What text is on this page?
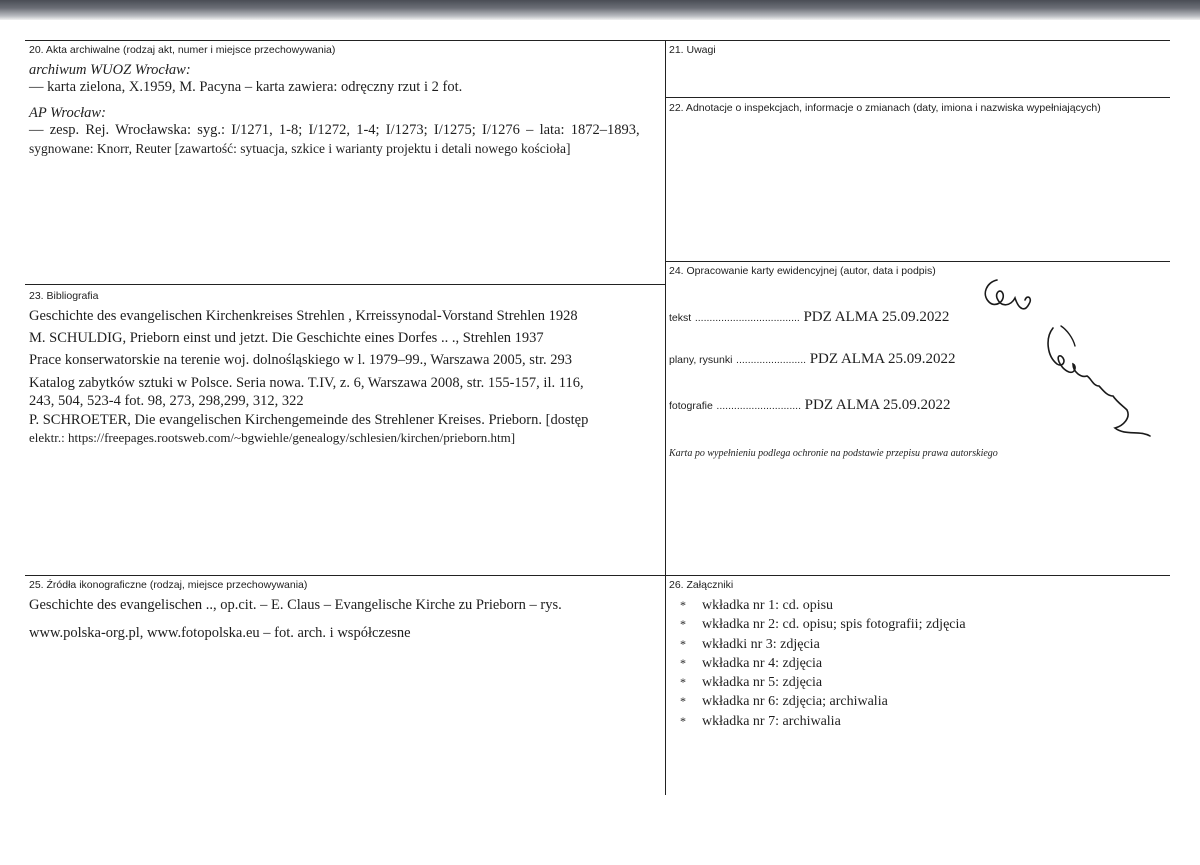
20. Akta archiwalne (rodzaj akt, numer i miejsce przechowywania)
archiwum WUOZ Wrocław:
— karta zielona, X.1959, M. Pacyna – karta zawiera: odręczny rzut i 2 fot.
AP Wrocław:
— zesp. Rej. Wrocławska: syg.: I/1271, 1-8; I/1272, 1-4; I/1273; I/1275; I/1276 – lata: 1872–1893,
sygnowane: Knorr, Reuter [zawartość: sytuacja, szkice i warianty projektu i detali nowego kościoła]
21. Uwagi
22. Adnotacje o inspekcjach, informacje o zmianach (daty, imiona i nazwiska wypełniających)
23. Bibliografia
Geschichte des evangelischen Kirchenkreises Strehlen , Krreissynodal-Vorstand Strehlen 1928
M. SCHULDIG, Prieborn einst und jetzt. Die Geschichte eines Dorfes .. ., Strehlen 1937
Prace konserwatorskie na terenie woj. dolnośląskiego w l. 1979–99., Warszawa 2005, str. 293
Katalog zabytków sztuki w Polsce. Seria nowa. T.IV, z. 6, Warszawa 2008, str. 155-157, il. 116,
243, 504, 523-4 fot. 98, 273, 298,299, 312, 322
P. SCHROETER, Die evangelischen Kirchengemeinde des Strehlener Kreises. Prieborn. [dostęp
elektr.: https://freepages.rootsweb.com/~bgwiehle/genealogy/schlesien/kirchen/prieborn.htm]
24. Opracowanie karty ewidencyjnej (autor, data i podpis)
tekst .................................... PDZ ALMA 25.09.2022
plany, rysunki ........................ PDZ ALMA 25.09.2022
fotografie ............................. PDZ ALMA 25.09.2022
Karta po wypełnieniu podlega ochronie na podstawie przepisu prawa autorskiego
25. Źródła ikonograficzne (rodzaj, miejsce przechowywania)
Geschichte des evangelischen .., op.cit. – E. Claus – Evangelische Kirche zu Prieborn – rys.
www.polska-org.pl, www.fotopolska.eu – fot. arch. i współczesne
26. Załączniki
* wkładka nr 1: cd. opisu
* wkładka nr 2: cd. opisu; spis fotografii; zdjęcia
* wkładki nr 3: zdjęcia
* wkładka nr 4: zdjęcia
* wkładka nr 5: zdjęcia
* wkładka nr 6: zdjęcia; archiwalia
* wkładka nr 7: archiwalia
